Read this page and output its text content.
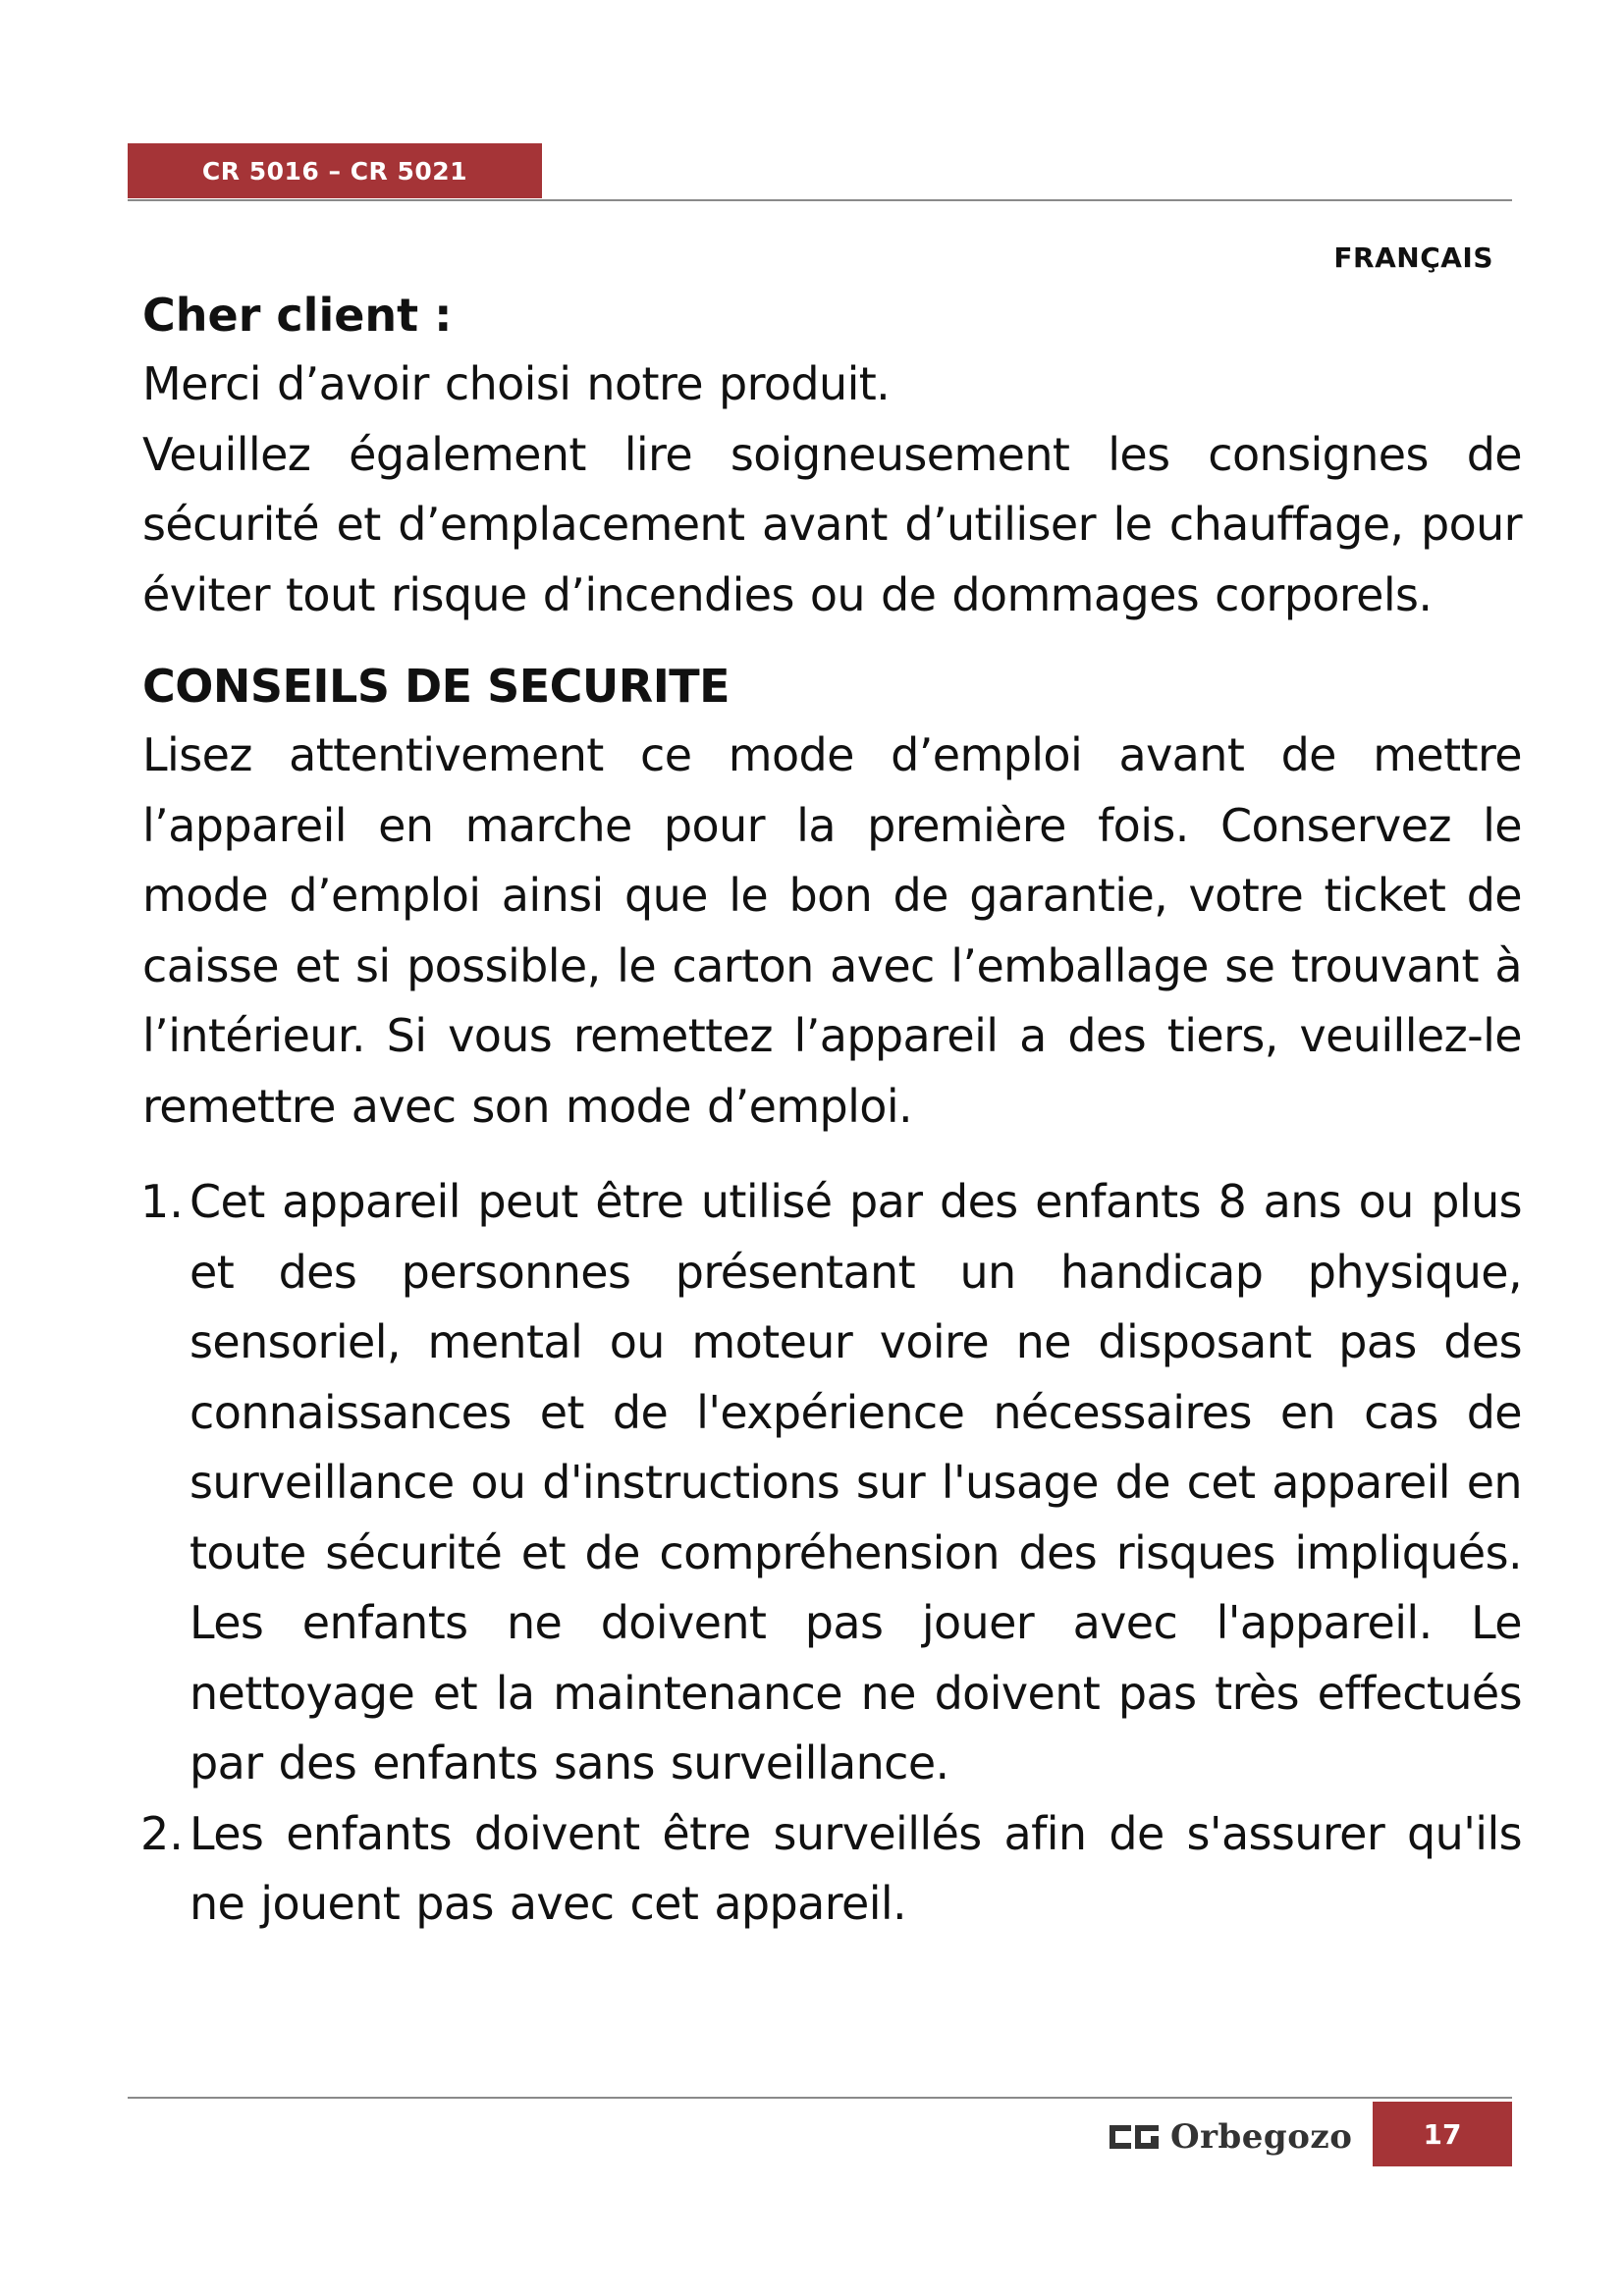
CR 5016 – CR 5021
FRANÇAIS

Cher client :

Merci d’avoir choisi notre produit.

Veuillez également lire soigneusement les consignes de sécurité et d’emplacement avant d’utiliser le chauffage, pour éviter tout risque d’incendies ou de dommages corporels.

CONSEILS DE SECURITE

Lisez attentivement ce mode d’emploi avant de mettre l’appareil en marche pour la première fois. Conservez le mode d’emploi ainsi que le bon de garantie, votre ticket de caisse et si possible, le carton avec l’emballage se trouvant à l’intérieur. Si vous remettez l’appareil a des tiers, veuillez-le remettre avec son mode d’emploi.

1. Cet appareil peut être utilisé par des enfants 8 ans ou plus et des personnes présentant un handicap physique, sensoriel, mental ou moteur voire ne disposant pas des connaissances et de l'expérience nécessaires en cas de surveillance ou d'instructions sur l'usage de cet appareil en toute sécurité et de compréhension des risques impliqués. Les enfants ne doivent pas jouer avec l'appareil. Le nettoyage et la maintenance ne doivent pas très effectués par des enfants sans surveillance.

2. Les enfants doivent être surveillés afin de s'assurer qu'ils ne jouent pas avec cet appareil.

Orbegozo	17
